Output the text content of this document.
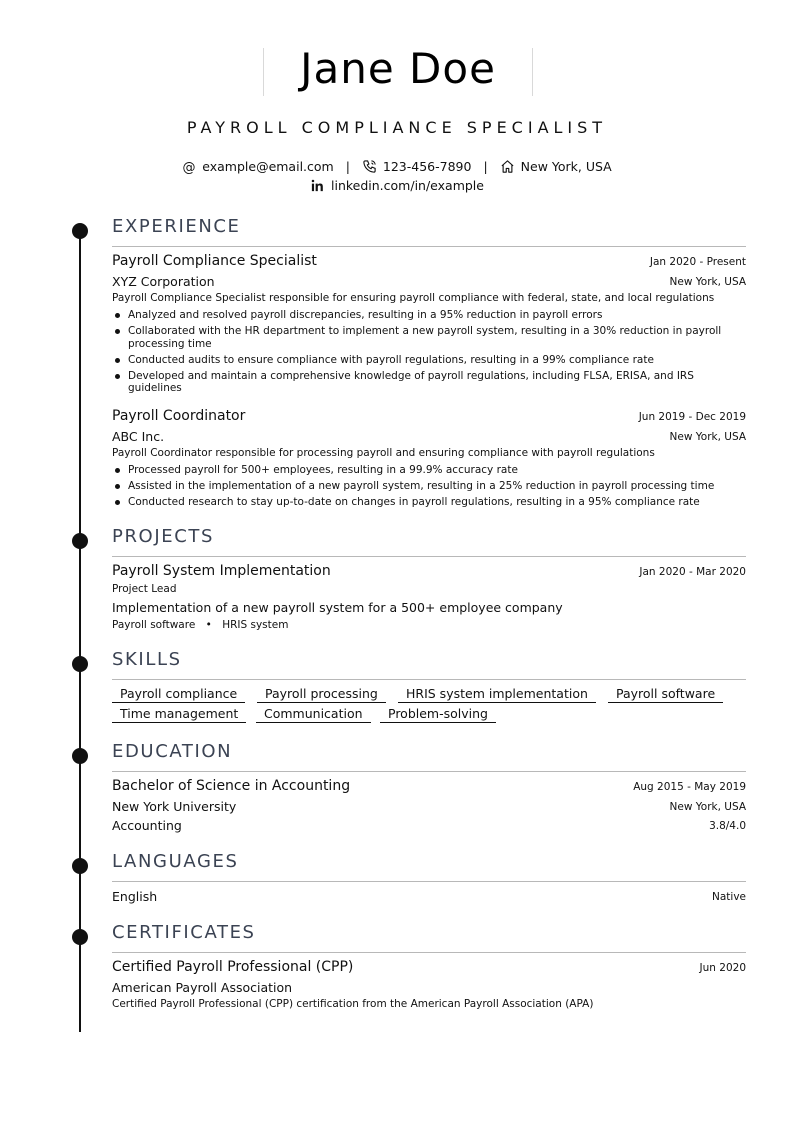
Jane Doe
PAYROLL COMPLIANCE SPECIALIST
@ example@email.com |	123-456-7890 |	New York, USA
linkedin.com/in/example
EXPERIENCE
Payroll Compliance Specialist	Jan 2020 - Present
XYZ Corporation	New York, USA
Payroll Compliance Specialist responsible for ensuring payroll compliance with federal, state, and local regulations
Analyzed and resolved payroll discrepancies, resulting in a 95% reduction in payroll errors
Collaborated with the HR department to implement a new payroll system, resulting in a 30% reduction in payroll processing time
Conducted audits to ensure compliance with payroll regulations, resulting in a 99% compliance rate
Developed and maintain a comprehensive knowledge of payroll regulations, including FLSA, ERISA, and IRS guidelines
Payroll Coordinator	Jun 2019 - Dec 2019
ABC Inc.	New York, USA
Payroll Coordinator responsible for processing payroll and ensuring compliance with payroll regulations
Processed payroll for 500+ employees, resulting in a 99.9% accuracy rate
Assisted in the implementation of a new payroll system, resulting in a 25% reduction in payroll processing time
Conducted research to stay up-to-date on changes in payroll regulations, resulting in a 95% compliance rate
PROJECTS
Payroll System Implementation	Jan 2020 - Mar 2020
Project Lead
Implementation of a new payroll system for a 500+ employee company
Payroll software • HRIS system
SKILLS
Payroll compliance	Payroll processing	HRIS system implementation	Payroll software
Time management	Communication	Problem-solving
EDUCATION
Bachelor of Science in Accounting	Aug 2015 - May 2019
New York University	New York, USA
Accounting	3.8/4.0
LANGUAGES
English	Native
CERTIFICATES
Certified Payroll Professional (CPP)	Jun 2020
American Payroll Association
Certified Payroll Professional (CPP) certification from the American Payroll Association (APA)
